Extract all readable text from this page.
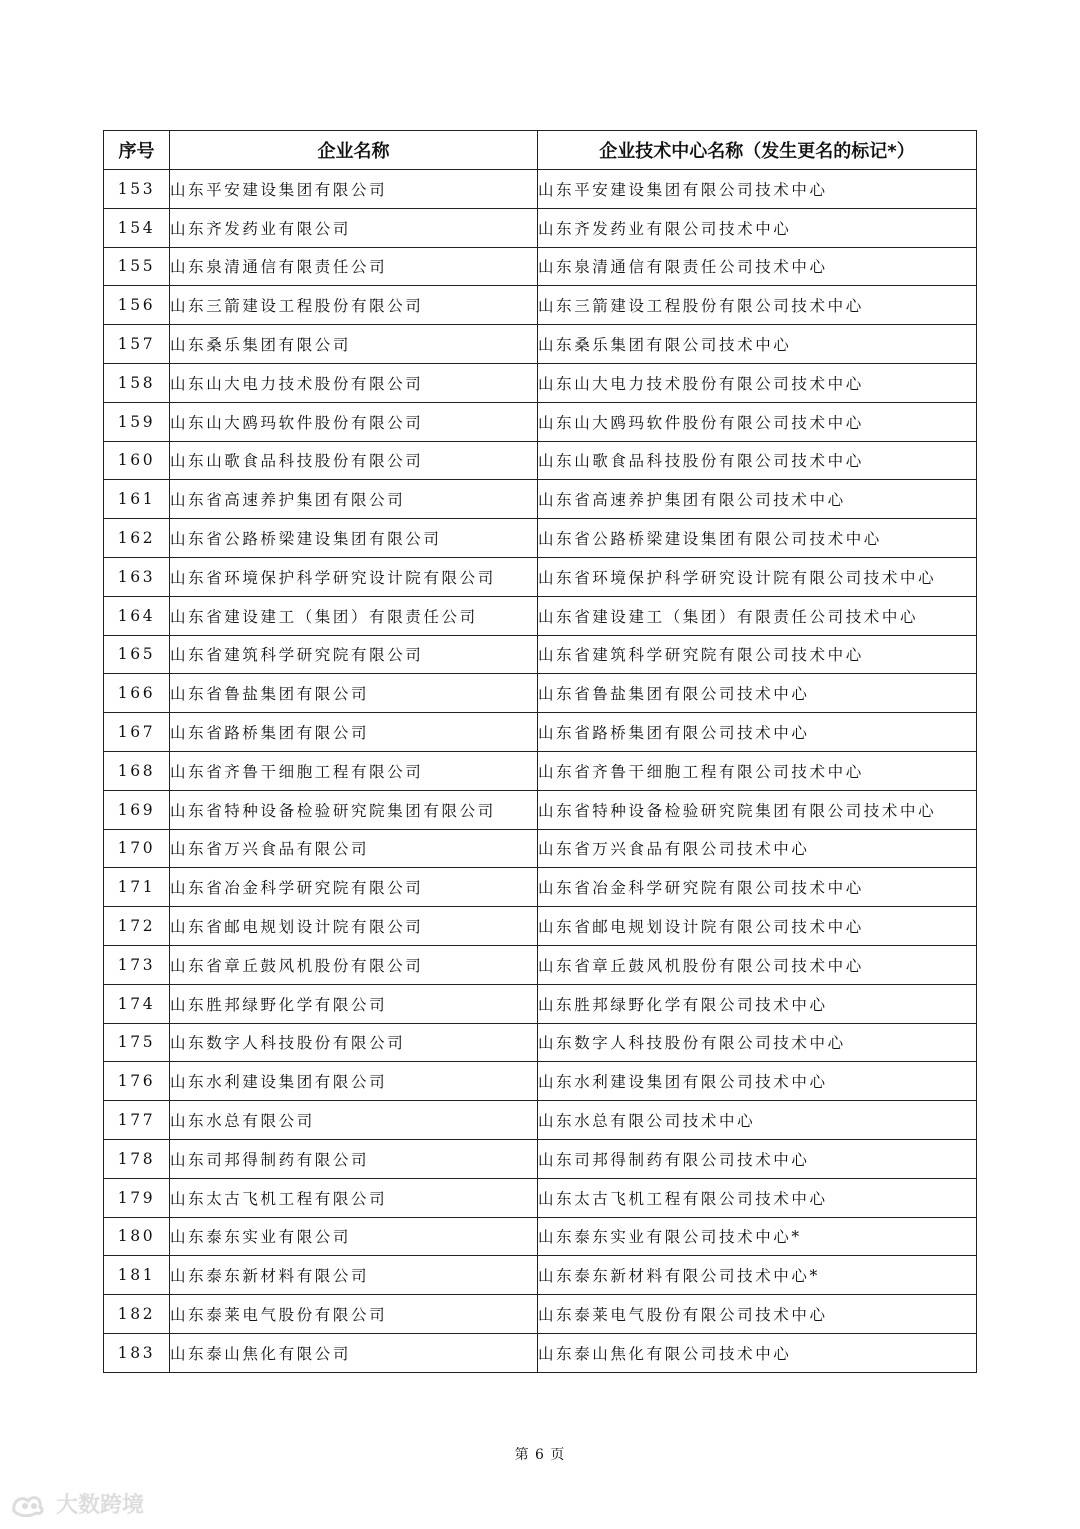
序号	企业名称	企业技术中心名称（发生更名的标记*）
153	山东平安建设集团有限公司	山东平安建设集团有限公司技术中心
154	山东齐发药业有限公司	山东齐发药业有限公司技术中心
155	山东泉清通信有限责任公司	山东泉清通信有限责任公司技术中心
156	山东三箭建设工程股份有限公司	山东三箭建设工程股份有限公司技术中心
157	山东桑乐集团有限公司	山东桑乐集团有限公司技术中心
158	山东山大电力技术股份有限公司	山东山大电力技术股份有限公司技术中心
159	山东山大鸥玛软件股份有限公司	山东山大鸥玛软件股份有限公司技术中心
160	山东山歌食品科技股份有限公司	山东山歌食品科技股份有限公司技术中心
161	山东省高速养护集团有限公司	山东省高速养护集团有限公司技术中心
162	山东省公路桥梁建设集团有限公司	山东省公路桥梁建设集团有限公司技术中心
163	山东省环境保护科学研究设计院有限公司	山东省环境保护科学研究设计院有限公司技术中心
164	山东省建设建工（集团）有限责任公司	山东省建设建工（集团）有限责任公司技术中心
165	山东省建筑科学研究院有限公司	山东省建筑科学研究院有限公司技术中心
166	山东省鲁盐集团有限公司	山东省鲁盐集团有限公司技术中心
167	山东省路桥集团有限公司	山东省路桥集团有限公司技术中心
168	山东省齐鲁干细胞工程有限公司	山东省齐鲁干细胞工程有限公司技术中心
169	山东省特种设备检验研究院集团有限公司	山东省特种设备检验研究院集团有限公司技术中心
170	山东省万兴食品有限公司	山东省万兴食品有限公司技术中心
171	山东省冶金科学研究院有限公司	山东省冶金科学研究院有限公司技术中心
172	山东省邮电规划设计院有限公司	山东省邮电规划设计院有限公司技术中心
173	山东省章丘鼓风机股份有限公司	山东省章丘鼓风机股份有限公司技术中心
174	山东胜邦绿野化学有限公司	山东胜邦绿野化学有限公司技术中心
175	山东数字人科技股份有限公司	山东数字人科技股份有限公司技术中心
176	山东水利建设集团有限公司	山东水利建设集团有限公司技术中心
177	山东水总有限公司	山东水总有限公司技术中心
178	山东司邦得制药有限公司	山东司邦得制药有限公司技术中心
179	山东太古飞机工程有限公司	山东太古飞机工程有限公司技术中心
180	山东泰东实业有限公司	山东泰东实业有限公司技术中心*
181	山东泰东新材料有限公司	山东泰东新材料有限公司技术中心*
182	山东泰莱电气股份有限公司	山东泰莱电气股份有限公司技术中心
183	山东泰山焦化有限公司	山东泰山焦化有限公司技术中心
第 6 页
大数跨境
